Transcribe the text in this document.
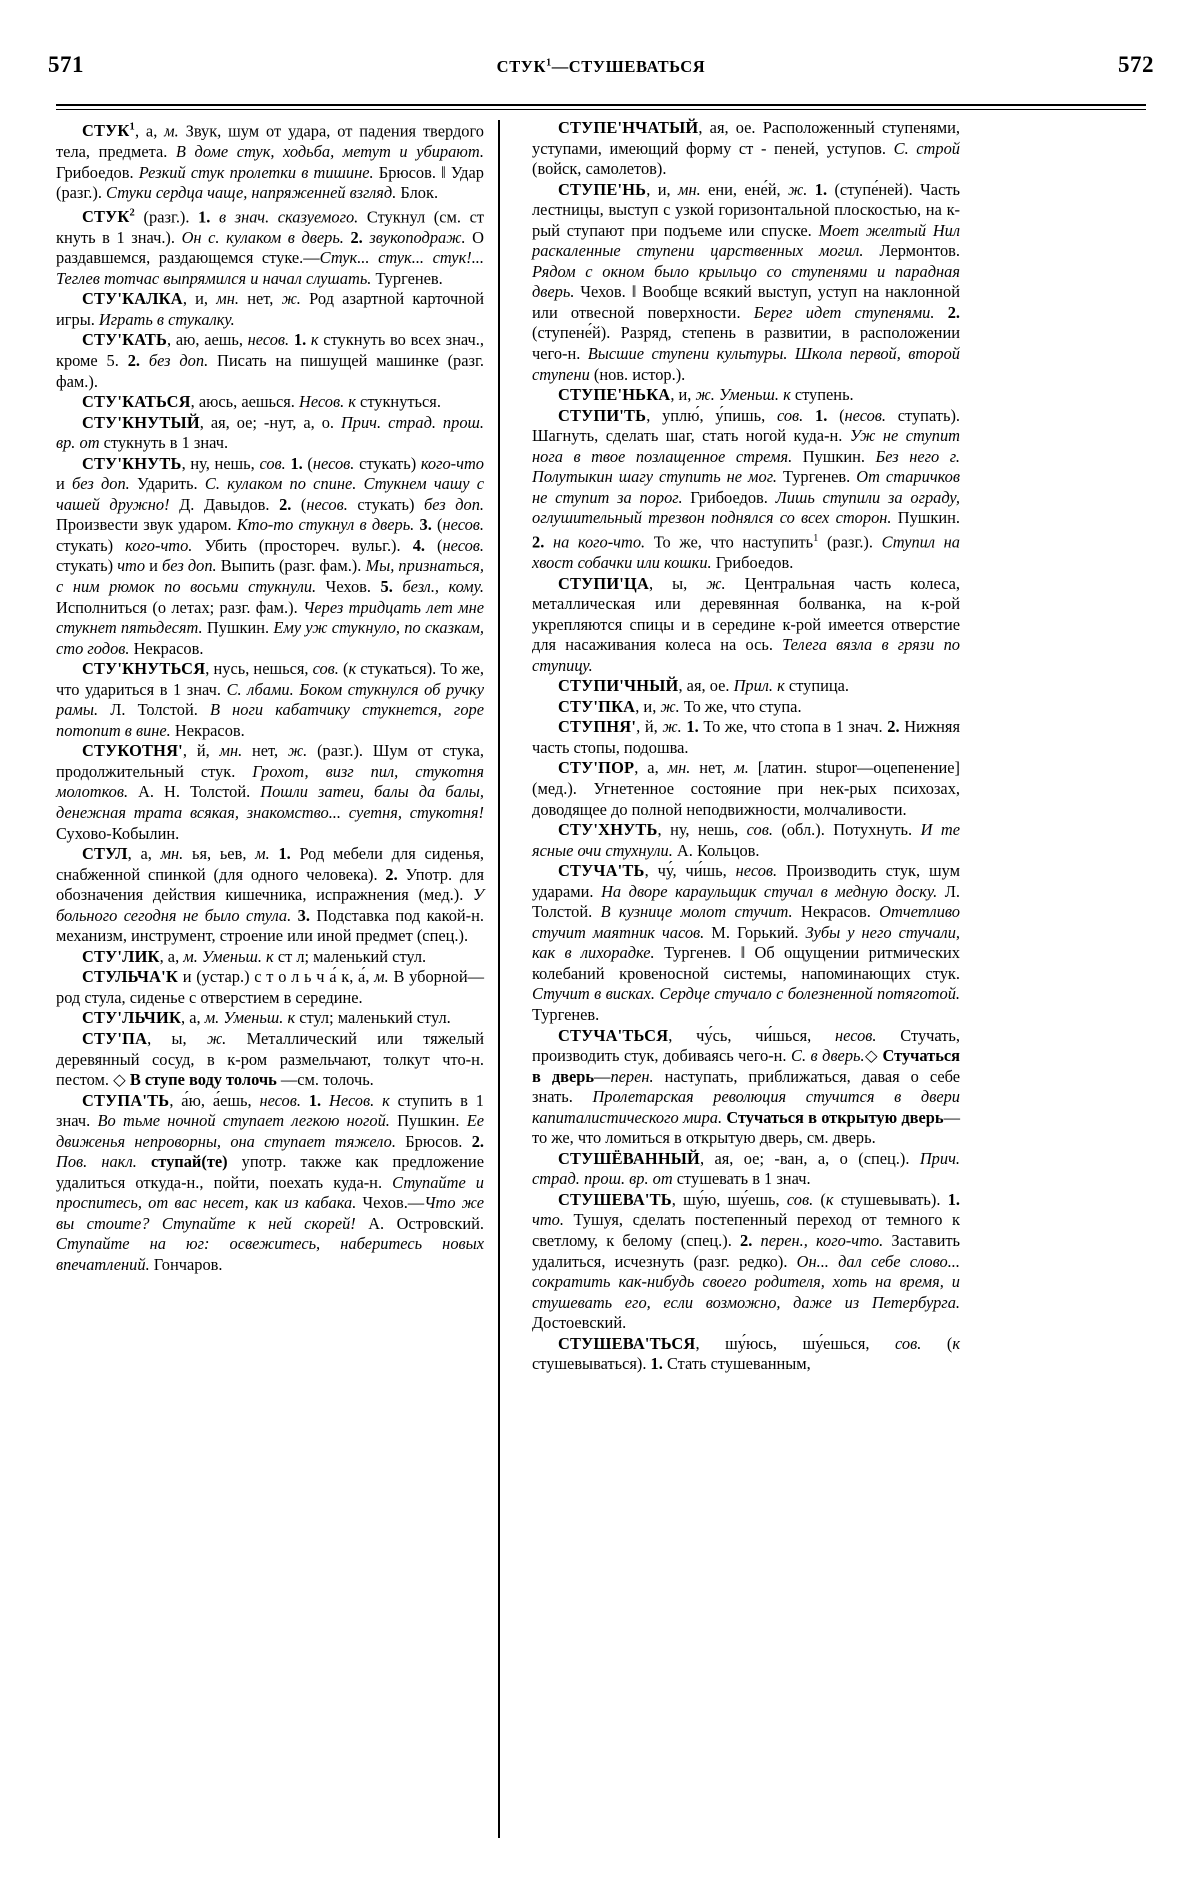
571	СТУК$^1$—СТУШЕВАТЬСЯ	572

СТУК$^1$, а, м. Звук, шум от удара, от падения твердого тела, предмета. В доме стук, ходьба, метут и убирают. Грибоедов. Резкий стук пролетки в тишине. Брюсов. ‖ Удар (разг.). Стуки сердца чаще, напряженней взгляд. Блок.

СТУК$^2$ (разг.). 1. в знач. сказуемого. Стукнул (см. ст кнуть в 1 знач.). Он с. кулаком в дверь. 2. звукоподраж. О раздавшемся, раздающемся стуке.—Стук... стук... стук!... Теглев тотчас выпрямился и начал слушать. Тургенев.

СТУ'КАЛКА, и, мн. нет, ж. Род азартной карточной игры. Играть в стукалку.

СТУ'КАТЬ, аю, аешь, несов. 1. к стукнуть во всех знач., кроме 5. 2. без доп. Писать на пишущей машинке (разг. фам.).

СТУ'КАТЬСЯ, аюсь, аешься. Несов. к стукнуться.

СТУ'КНУТЫЙ, ая, ое; -нут, а, о. Прич. страд. прош. вр. от стукнуть в 1 знач.

СТУ'КНУТЬ, ну, нешь, сов. 1. (несов. стукать) кого-что и без доп. Ударить. С. кулаком по спине. Стукнем чашу с чашей дружно! Д. Давыдов. 2. (несов. стукать) без доп. Произвести звук ударом. Кто-то стукнул в дверь. 3. (несов. стукать) кого-что. Убить (простореч. вульг.). 4. (несов. стукать) что и без доп. Выпить (разг. фам.). Мы, признаться, с ним рюмок по восьми стукнули. Чехов. 5. безл., кому. Исполниться (о летах; разг. фам.). Через тридцать лет мне стукнет пятьдесят. Пушкин. Ему уж стукнуло, по сказкам, сто годов. Некрасов.

СТУ'КНУТЬСЯ, нусь, нешься, сов. (к стукаться). То же, что удариться в 1 знач. С. лбами. Боком стукнулся об ручку рамы. Л. Толстой. В ноги кабатчику стукнется, горе потопит в вине. Некрасов.

СТУКОТНЯ', й, мн. нет, ж. (разг.). Шум от стука, продолжительный стук. Грохот, визг пил, стукотня молотков. А. Н. Толстой. Пошли затеи, балы да балы, денежная трата всякая, знакомство... суетня, стукотня! Сухово-Кобылин.

СТУЛ, а, мн. ья, ьев, м. 1. Род мебели для сиденья, снабженной спинкой (для одного человека). 2. Употр. для обозначения действия кишечника, испражнения (мед.). У больного сегодня не было стула. 3. Подставка под какой-н. механизм, инструмент, строение или иной предмет (спец.).

СТУ'ЛИК, а, м. Уменьш. к ст л; маленький стул.

СТУЛЬЧА'К и (устар.) с т о л ь ч а́ к, а́, м. В уборной—род стула, сиденье с отверстием в середине.

СТУ'ЛЬЧИК, а, м. Уменьш. к стул; маленький стул.

СТУ'ПА, ы, ж. Металлический или тяжелый деревянный сосуд, в к-ром размельчают, толкут что-н. пестом. ◇ В ступе воду толочь —см. толочь.

СТУПА'ТЬ, а́ю, а́ешь, несов. 1. Несов. к ступить в 1 знач. Во тьме ночной ступает легкою ногой. Пушкин. Ее движенья непроворны, она ступает тяжело. Брюсов. 2. Пов. накл. ступай(те) употр. также как предложение удалиться откуда-н., пойти, поехать куда-н. Ступайте и проспитесь, от вас несет, как из кабака. Чехов.—Что же вы стоите? Ступайте к ней скорей! А. Островский. Ступайте на юг: освежитесь, наберитесь новых впечатлений. Гончаров.

СТУПЕ'НЧАТЫЙ, ая, ое. Расположенный ступенями, уступами, имеющий форму ст - пеней, уступов. С. строй (войск, самолетов).

СТУПЕ'НЬ, и, мн. ени, ене́й, ж. 1. (ступе́ней). Часть лестницы, выступ с узкой горизонтальной плоскостью, на к-рый ступают при подъеме или спуске. Моет желтый Нил раскаленные ступени царственных могил. Лермонтов. Рядом с окном было крыльцо со ступенями и парадная дверь. Чехов. ‖ Вообще всякий выступ, уступ на наклонной или отвесной поверхности. Берег идет ступенями. 2. (ступене́й). Разряд, степень в развитии, в расположении чего-н. Высшие ступени культуры. Школа первой, второй ступени (нов. истор.).

СТУПЕ'НЬКА, и, ж. Уменьш. к ступень.

СТУПИ'ТЬ, уплю́, у́пишь, сов. 1. (несов. ступать). Шагнуть, сделать шаг, стать ногой куда-н. Уж не ступит нога в твое позлащенное стремя. Пушкин. Без него г. Полутыкин шагу ступить не мог. Тургенев. От старичков не ступит за порог. Грибоедов. Лишь ступили за ограду, оглушительный трезвон поднялся со всех сторон. Пушкин. 2. на кого-что. То же, что наступить$^1$ (разг.). Ступил на хвост собачки или кошки. Грибоедов.

СТУПИ'ЦА, ы, ж. Центральная часть колеса, металлическая или деревянная болванка, на к-рой укрепляются спицы и в середине к-рой имеется отверстие для насаживания колеса на ось. Телега вязла в грязи по ступицу.

СТУПИ'ЧНЫЙ, ая, ое. Прил. к ступица.

СТУ'ПКА, и, ж. То же, что ступа.

СТУПНЯ', й, ж. 1. То же, что стопа в 1 знач. 2. Нижняя часть стопы, подошва.

СТУ'ПОР, а, мн. нет, м. [латин. stupor—оцепенение] (мед.). Угнетенное состояние при нек-рых психозах, доводящее до полной неподвижности, молчаливости.

СТУ'ХНУТЬ, ну, нешь, сов. (обл.). Потухнуть. И те ясные очи стухнули. А. Кольцов.

СТУЧА'ТЬ, чу́, чи́шь, несов. Производить стук, шум ударами. На дворе караульщик стучал в медную доску. Л. Толстой. В кузнице молот стучит. Некрасов. Отчетливо стучит маятник часов. М. Горький. Зубы у него стучали, как в лихорадке. Тургенев. ‖ Об ощущении ритмических колебаний кровеносной системы, напоминающих стук. Стучит в висках. Сердце стучало с болезненной потяготой. Тургенев.

СТУЧА'ТЬСЯ, чу́сь, чи́шься, несов. Стучать, производить стук, добиваясь чего-н. С. в дверь.◇ Стучаться в дверь—перен. наступать, приближаться, давая о себе знать. Пролетарская революция стучится в двери капиталистического мира. Стучаться в открытую дверь—то же, что ломиться в открытую дверь, см. дверь.

СТУШЁВАННЫЙ, ая, ое; -ван, а, о (спец.). Прич. страд. прош. вр. от стушевать в 1 знач.

СТУШЕВА'ТЬ, шу́ю, шу́ешь, сов. (к стушевывать). 1. что. Тушуя, сделать постепенный переход от темного к светлому, к белому (спец.). 2. перен., кого-что. Заставить удалиться, исчезнуть (разг. редко). Он... дал себе слово... сократить как-нибудь своего родителя, хоть на время, и стушевать его, если возможно, даже из Петербурга. Достоевский.

СТУШЕВА'ТЬСЯ, шу́юсь, шу́ешься, сов. (к стушевываться). 1. Стать стушеванным,
